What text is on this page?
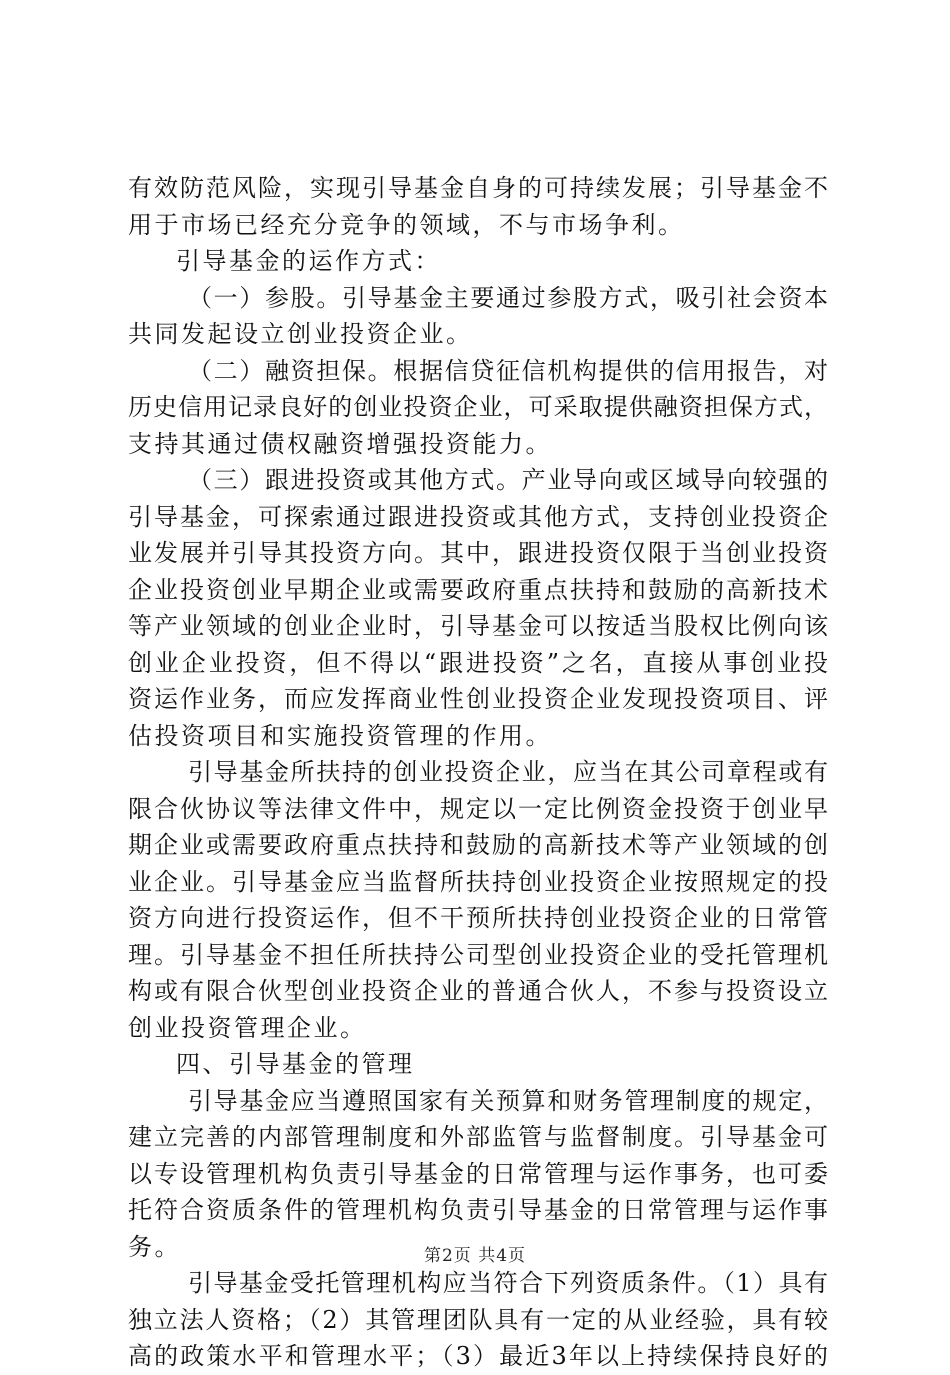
有效防范风险，实现引导基金自身的可持续发展；引导基金不
用于市场已经充分竞争的领域，不与市场争利。
引导基金的运作方式：
（一）参股。引导基金主要通过参股方式，吸引社会资本
共同发起设立创业投资企业。
（二）融资担保。根据信贷征信机构提供的信用报告，对
历史信用记录良好的创业投资企业，可采取提供融资担保方式，
支持其通过债权融资增强投资能力。
（三）跟进投资或其他方式。产业导向或区域导向较强的
引导基金，可探索通过跟进投资或其他方式，支持创业投资企
业发展并引导其投资方向。其中，跟进投资仅限于当创业投资
企业投资创业早期企业或需要政府重点扶持和鼓励的高新技术
等产业领域的创业企业时，引导基金可以按适当股权比例向该
创业企业投资，但不得以“跟进投资”之名，直接从事创业投
资运作业务，而应发挥商业性创业投资企业发现投资项目、评
估投资项目和实施投资管理的作用。
引导基金所扶持的创业投资企业，应当在其公司章程或有
限合伙协议等法律文件中，规定以一定比例资金投资于创业早
期企业或需要政府重点扶持和鼓励的高新技术等产业领域的创
业企业。引导基金应当监督所扶持创业投资企业按照规定的投
资方向进行投资运作，但不干预所扶持创业投资企业的日常管
理。引导基金不担任所扶持公司型创业投资企业的受托管理机
构或有限合伙型创业投资企业的普通合伙人，不参与投资设立
创业投资管理企业。
四、引导基金的管理
引导基金应当遵照国家有关预算和财务管理制度的规定，
建立完善的内部管理制度和外部监管与监督制度。引导基金可
以专设管理机构负责引导基金的日常管理与运作事务，也可委
托符合资质条件的管理机构负责引导基金的日常管理与运作事
务。
引导基金受托管理机构应当符合下列资质条件。（1）具有
独立法人资格；（2）其管理团队具有一定的从业经验，具有较
高的政策水平和管理水平；（3）最近3年以上持续保持良好的
第2页 共4页
